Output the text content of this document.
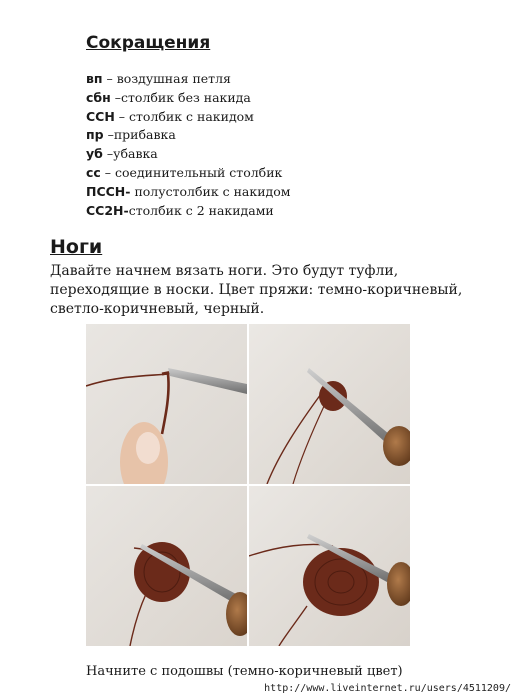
Сокращения
вп – воздушная петля
сбн –столбик без накида
ССН – столбик с накидом
пр –прибавка
уб –убавка
сс – соединительный столбик
ПССН- полустолбик с накидом
СС2Н-столбик с 2 накидами
Ноги
Давайте начнем вязать ноги. Это будут туфли, переходящие в носки. Цвет пряжи: темно-коричневый, светло-коричневый, черный.
Начните с подошвы (темно-коричневый цвет)
http://www.liveinternet.ru/users/4511209/
